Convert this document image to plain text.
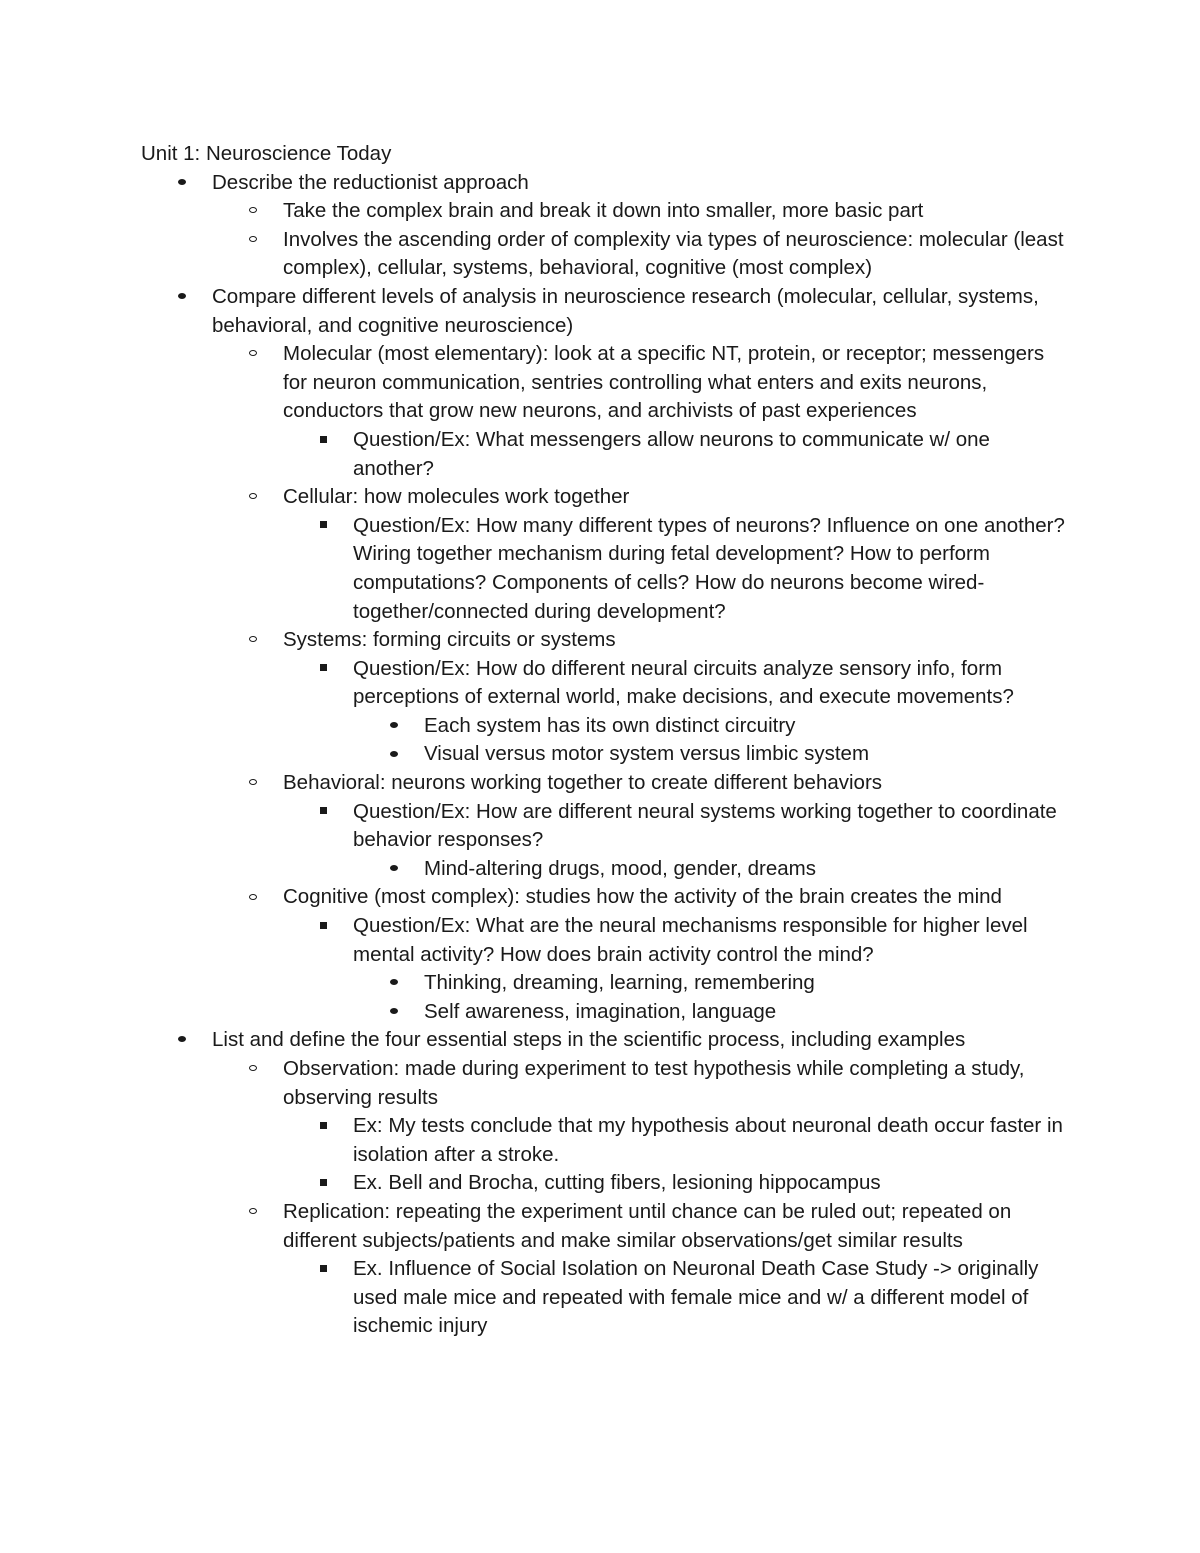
Unit 1: Neuroscience Today
Describe the reductionist approach
Take the complex brain and break it down into smaller, more basic part
Involves the ascending order of complexity via types of neuroscience: molecular (least complex), cellular, systems, behavioral, cognitive (most complex)
Compare different levels of analysis in neuroscience research (molecular, cellular, systems, behavioral, and cognitive neuroscience)
Molecular (most elementary): look at a specific NT, protein, or receptor; messengers for neuron communication, sentries controlling what enters and exits neurons, conductors that grow new neurons, and archivists of past experiences
Question/Ex: What messengers allow neurons to communicate w/ one another?
Cellular: how molecules work together
Question/Ex: How many different types of neurons? Influence on one another? Wiring together mechanism during fetal development? How to perform computations? Components of cells? How do neurons become wired-together/connected during development?
Systems: forming circuits or systems
Question/Ex: How do different neural circuits analyze sensory info, form perceptions of external world, make decisions, and execute movements?
Each system has its own distinct circuitry
Visual versus motor system versus limbic system
Behavioral: neurons working together to create different behaviors
Question/Ex: How are different neural systems working together to coordinate behavior responses?
Mind-altering drugs, mood, gender, dreams
Cognitive (most complex): studies how the activity of the brain creates the mind
Question/Ex: What are the neural mechanisms responsible for higher level mental activity? How does brain activity control the mind?
Thinking, dreaming, learning, remembering
Self awareness, imagination, language
List and define the four essential steps in the scientific process, including examples
Observation: made during experiment to test hypothesis while completing a study, observing results
Ex: My tests conclude that my hypothesis about neuronal death occur faster in isolation after a stroke.
Ex. Bell and Brocha, cutting fibers, lesioning hippocampus
Replication: repeating the experiment until chance can be ruled out; repeated on different subjects/patients and make similar observations/get similar results
Ex. Influence of Social Isolation on Neuronal Death Case Study -> originally used male mice and repeated with female mice and w/ a different model of ischemic injury
